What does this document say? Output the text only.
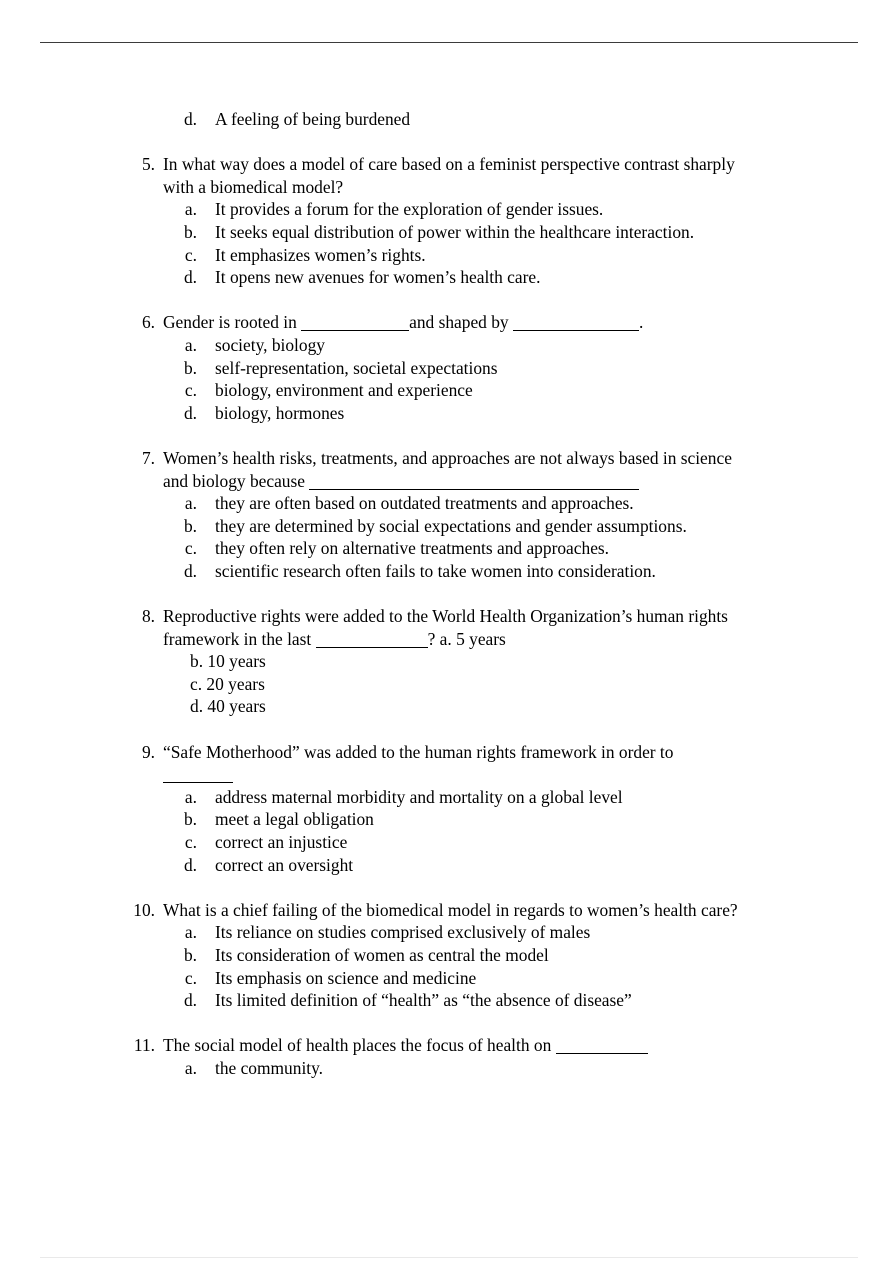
d. A feeling of being burdened
5. In what way does a model of care based on a feminist perspective contrast sharply with a biomedical model?
a. It provides a forum for the exploration of gender issues.
b. It seeks equal distribution of power within the healthcare interaction.
c. It emphasizes women’s rights.
d. It opens new avenues for women’s health care.
6. Gender is rooted in	and shaped by	.
a. society, biology
b. self-representation, societal expectations
c. biology, environment and experience
d. biology, hormones
7. Women’s health risks, treatments, and approaches are not always based in science and biology because
a. they are often based on outdated treatments and approaches.
b. they are determined by social expectations and gender assumptions.
c. they often rely on alternative treatments and approaches.
d. scientific research often fails to take women into consideration.
8. Reproductive rights were added to the World Health Organization’s human rights framework in the last	? a. 5 years
b. 10 years
c. 20 years
d. 40 years
9. “Safe Motherhood” was added to the human rights framework in order to
a. address maternal morbidity and mortality on a global level
b. meet a legal obligation
c. correct an injustice
d. correct an oversight
10. What is a chief failing of the biomedical model in regards to women’s health care?
a. Its reliance on studies comprised exclusively of males
b. Its consideration of women as central the model
c. Its emphasis on science and medicine
d. Its limited definition of “health” as “the absence of disease”
11. The social model of health places the focus of health on
a. the community.
